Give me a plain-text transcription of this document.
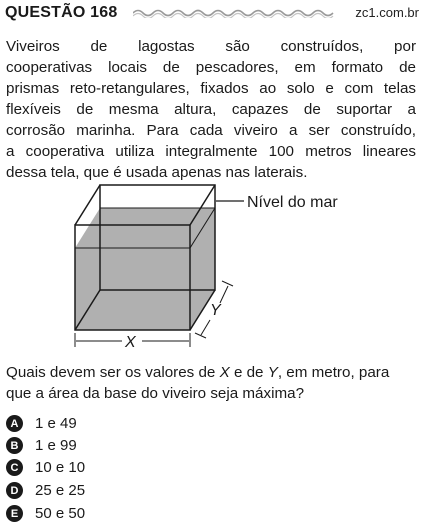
QUESTÃO 168	zc1.com.br
Viveiros de lagostas são construídos, por
cooperativas locais de pescadores, em formato de
prismas reto-retangulares, fixados ao solo e com telas
flexíveis de mesma altura, capazes de suportar a
corrosão marinha. Para cada viveiro a ser construído,
a cooperativa utiliza integralmente 100 metros lineares
dessa tela, que é usada apenas nas laterais.
Nível do mar
X
Y
Quais devem ser os valores de X e de Y, em metro, para que a área da base do viveiro seja máxima?
A	1 e 49
B	1 e 99
C	10 e 10
D	25 e 25
E	50 e 50
